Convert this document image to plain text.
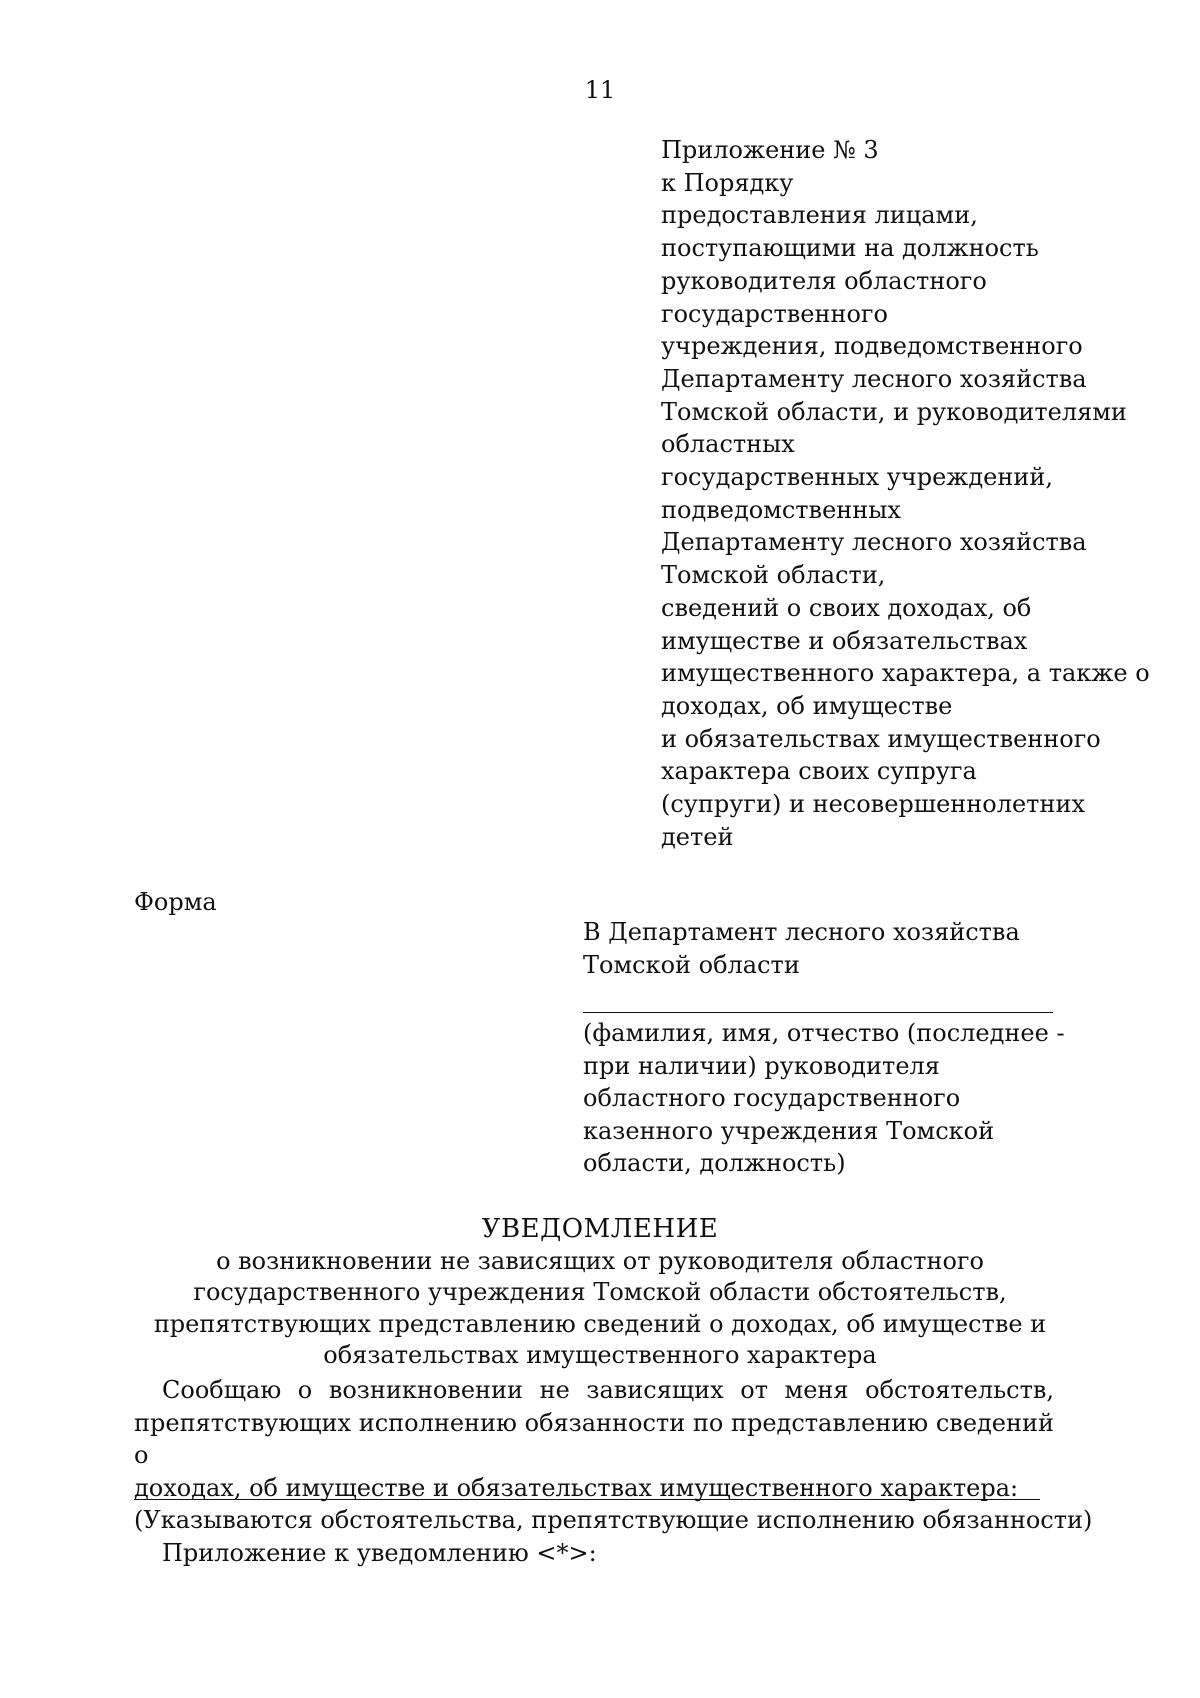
11
Приложение № 3
к Порядку
предоставления лицами,
поступающими на должность
руководителя областного
государственного
учреждения, подведомственного
Департаменту лесного хозяйства
Томской области, и руководителями
областных
государственных учреждений,
подведомственных
Департаменту лесного хозяйства
Томской области,
сведений о своих доходах, об
имуществе и обязательствах
имущественного характера, а также о
доходах, об имуществе
и обязательствах имущественного
характера своих супруга
(супруги) и несовершеннолетних
детей
Форма
В Департамент лесного хозяйства
Томской области
(фамилия, имя, отчество (последнее -
при наличии) руководителя
областного государственного
казенного учреждения Томской
области, должность)
УВЕДОМЛЕНИЕ
о возникновении не зависящих от руководителя областного
государственного учреждения Томской области обстоятельств,
препятствующих представлению сведений о доходах, об имуществе и
обязательствах имущественного характера
Сообщаю о возникновении не зависящих от меня обстоятельств,
препятствующих исполнению обязанности по представлению сведений о
доходах, об имуществе и обязательствах имущественного характера:
(Указываются обстоятельства, препятствующие исполнению обязанности)
Приложение к уведомлению <*>:
